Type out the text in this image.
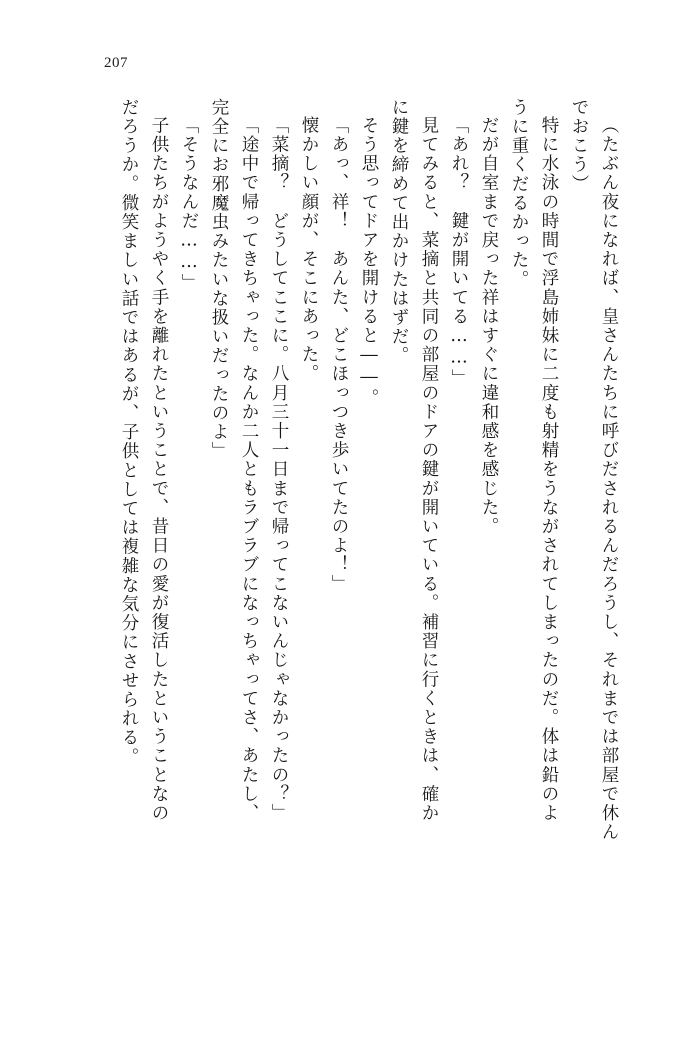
207
（たぶん夜になれば、皇さんたちに呼びだされるんだろうし、それまでは部屋で休ん
でおこう）
特に水泳の時間で浮島姉妹に二度も射精をうながされてしまったのだ。体は鉛のよ
うに重くだるかった。
だが自室まで戻った祥はすぐに違和感を感じた。
「あれ？　鍵が開いてる……」
見てみると、菜摘と共同の部屋のドアの鍵が開いている。補習に行くときは、確か
に鍵を締めて出かけたはずだ。
そう思ってドアを開けると――。
「あっ、祥！　あんた、どこほっつき歩いてたのよ！」
懐かしい顔が、そこにあった。
「菜摘？　どうしてここに。八月三十一日まで帰ってこないんじゃなかったの？」
「途中で帰ってきちゃった。なんか二人ともラブラブになっちゃってさ、あたし、
完全にお邪魔虫みたいな扱いだったのよ」
「そうなんだ……」
子供たちがようやく手を離れたということで、昔日の愛が復活したということなの
だろうか。微笑ましい話ではあるが、子供としては複雑な気分にさせられる。
